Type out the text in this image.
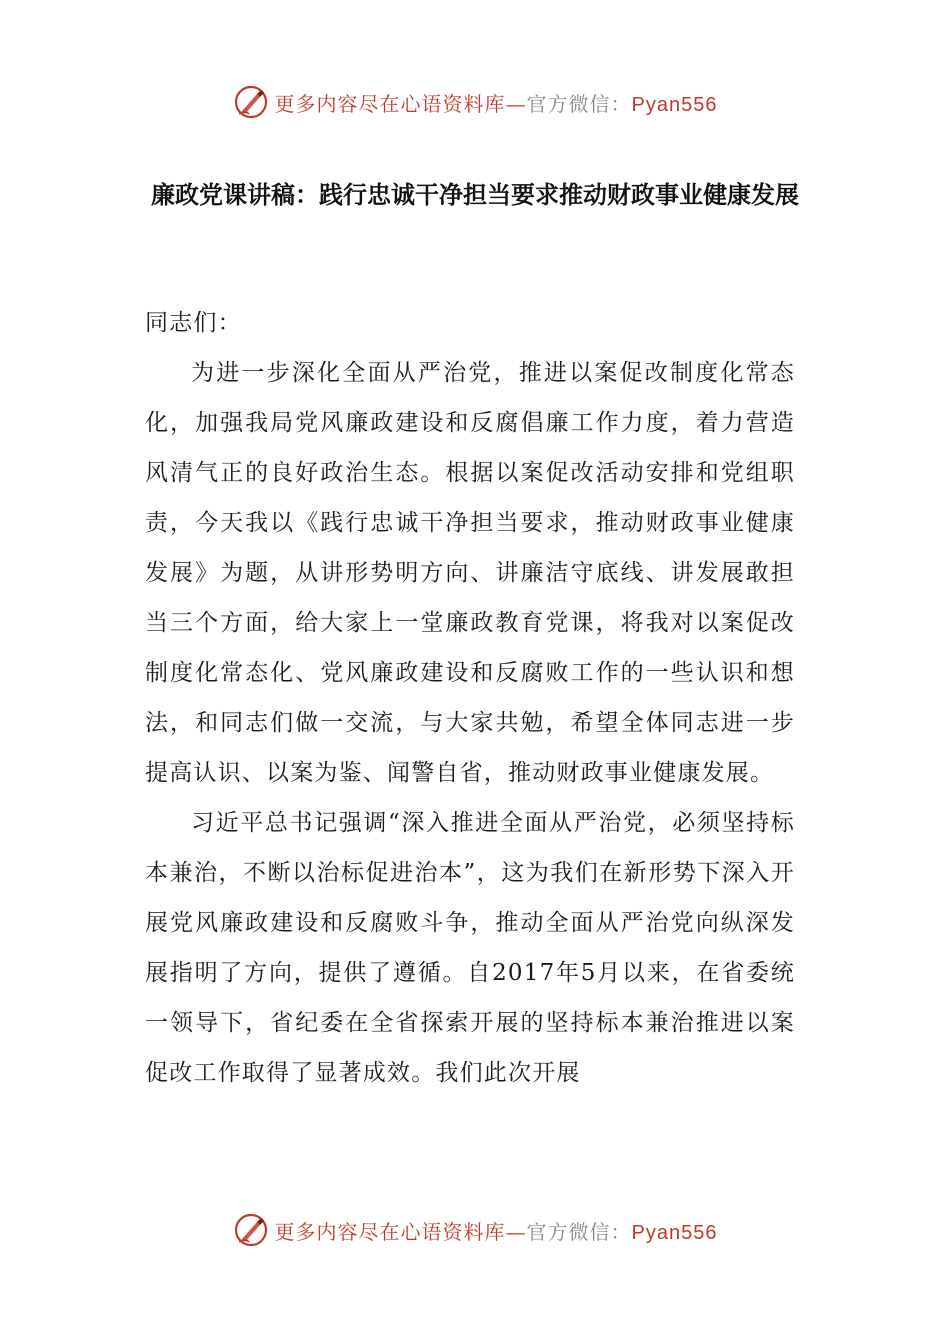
更多内容尽在心语资料库—官方微信：Pyan556
廉政党课讲稿：践行忠诚干净担当要求推动财政事业健康发展

同志们：

为进一步深化全面从严治党，推进以案促改制度化常态化，加强我局党风廉政建设和反腐倡廉工作力度，着力营造风清气正的良好政治生态。根据以案促改活动安排和党组职责，今天我以《践行忠诚干净担当要求，推动财政事业健康发展》为题，从讲形势明方向、讲廉洁守底线、讲发展敢担当三个方面，给大家上一堂廉政教育党课，将我对以案促改制度化常态化、党风廉政建设和反腐败工作的一些认识和想法，和同志们做一交流，与大家共勉，希望全体同志进一步提高认识、以案为鉴、闻警自省，推动财政事业健康发展。

习近平总书记强调“深入推进全面从严治党，必须坚持标本兼治，不断以治标促进治本”，这为我们在新形势下深入开展党风廉政建设和反腐败斗争，推动全面从严治党向纵深发展指明了方向，提供了遵循。自2017年5月以来，在省委统一领导下，省纪委在全省探索开展的坚持标本兼治推进以案促改工作取得了显著成效。我们此次开展

更多内容尽在心语资料库—官方微信：Pyan556
